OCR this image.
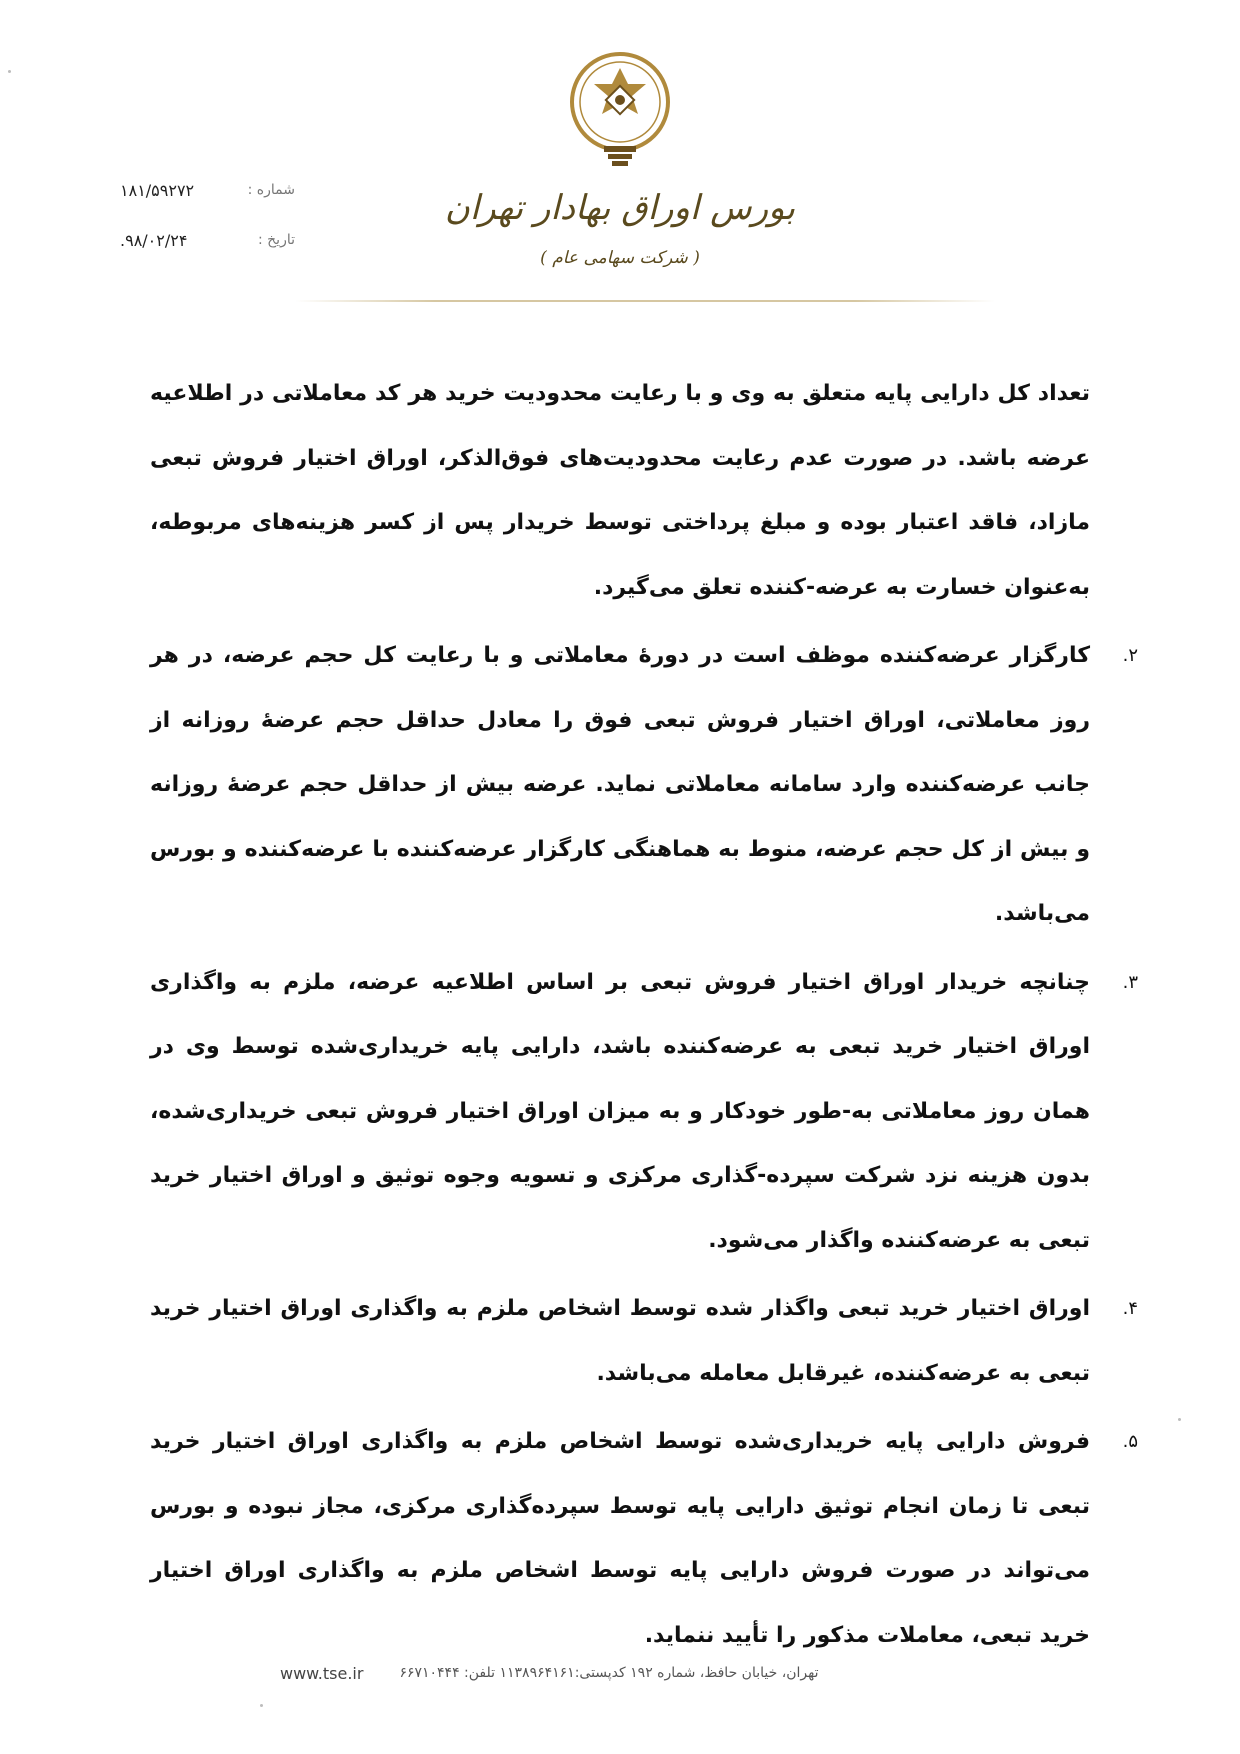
بورس اوراق بهادار تهران
( شرکت سهامی عام )
شماره :
۱۸۱/۵۹۲۷۲
تاریخ :
۹۸/۰۲/۲۴.

تعداد کل دارایی پایه متعلق به وی و با رعایت محدودیت خرید هر کد معاملاتی در اطلاعیه عرضه باشد. در صورت عدم رعایت محدودیت‌های فوق‌الذکر، اوراق اختیار فروش تبعی مازاد، فاقد اعتبار بوده و مبلغ پرداختی توسط خریدار پس از کسر هزینه‌های مربوطه، به‌عنوان خسارت به عرضه-کننده تعلق می‌گیرد.

۲.

کارگزار عرضه‌کننده موظف است در دورهٔ معاملاتی و با رعایت کل حجم عرضه، در هر روز معاملاتی، اوراق اختیار فروش تبعی فوق را معادل حداقل حجم عرضهٔ روزانه از جانب عرضه‌کننده وارد سامانه معاملاتی نماید. عرضه بیش از حداقل حجم عرضهٔ روزانه و بیش از کل حجم عرضه، منوط به هماهنگی کارگزار عرضه‌کننده با عرضه‌کننده و بورس می‌باشد.

۳.

چنانچه خریدار اوراق اختیار فروش تبعی بر اساس اطلاعیه عرضه، ملزم به واگذاری اوراق اختیار خرید تبعی به عرضه‌کننده باشد، دارایی پایه خریداری‌شده توسط وی در همان روز معاملاتی به-طور خودکار و به میزان اوراق اختیار فروش تبعی خریداری‌شده، بدون هزینه نزد شرکت سپرده-گذاری مرکزی و تسویه وجوه توثیق و اوراق اختیار خرید تبعی به عرضه‌کننده واگذار می‌شود.

۴.

اوراق اختیار خرید تبعی واگذار شده توسط اشخاص ملزم به واگذاری اوراق اختیار خرید تبعی به عرضه‌کننده، غیرقابل معامله می‌باشد.

۵.

فروش دارایی پایه خریداری‌شده توسط اشخاص ملزم به واگذاری اوراق اختیار خرید تبعی تا زمان انجام توثیق دارایی پایه توسط سپرده‌گذاری مرکزی، مجاز نبوده و بورس می‌تواند در صورت فروش دارایی پایه توسط اشخاص ملزم به واگذاری اوراق اختیار خرید تبعی، معاملات مذکور را تأیید ننماید.

www.tse.ir	تهران، خیابان حافظ، شماره ۱۹۲ کدپستی:۱۱۳۸۹۶۴۱۶۱ تلفن: ۶۶۷۱۰۴۴۴
